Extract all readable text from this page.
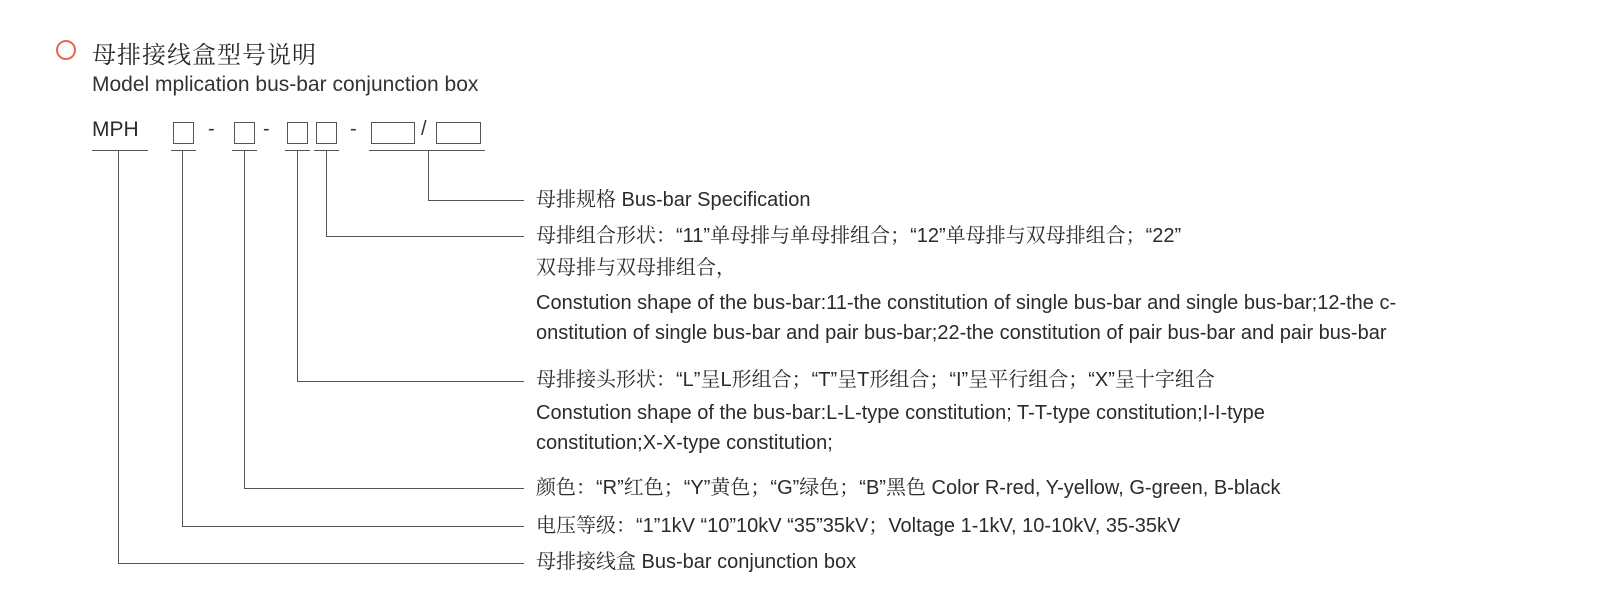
母排接线盒型号说明
Model mplication bus-bar conjunction box
MPH	- -	-	/
母排规格 Bus-bar Specification
母排组合形状：“11”单母排与单母排组合；“12”单母排与双母排组合；“22”
双母排与双母排组合，
Constution shape of the bus-bar:11-the constitution of single bus-bar and single bus-bar;12-the c-
onstitution of single bus-bar and pair bus-bar;22-the constitution of pair bus-bar and pair bus-bar
母排接头形状：“L”呈L形组合；“T”呈T形组合；“I”呈平行组合；“X”呈十字组合
Constution shape of the bus-bar:L-L-type constitution; T-T-type constitution;I-I-type
constitution;X-X-type constitution;
颜色：“R”红色；“Y”黄色；“G”绿色；“B”黑色 Color R-red, Y-yellow, G-green, B-black
电压等级：“1”1kV “10”10kV “35”35kV；Voltage 1-1kV, 10-10kV, 35-35kV
母排接线盒 Bus-bar conjunction box
